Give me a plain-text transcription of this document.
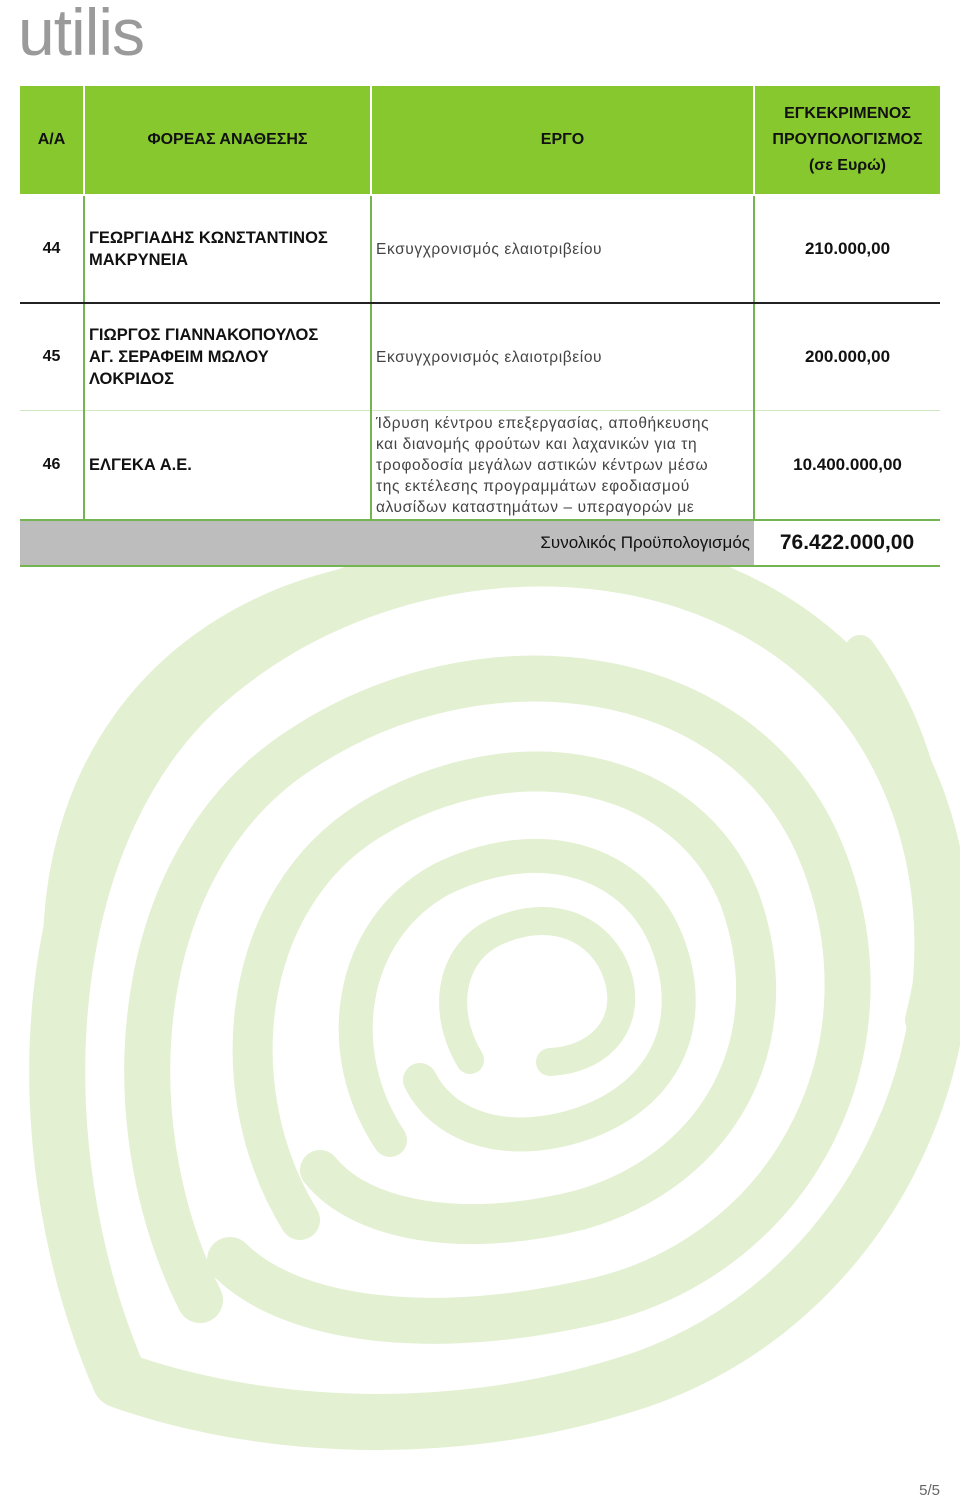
utilis
Α/Α	ΦΟΡΕΑΣ ΑΝΑΘΕΣΗΣ	ΕΡΓΟ	ΕΓΚΕΚΡΙΜΕΝΟΣ
ΠΡΟΥΠΟΛΟΓΙΣΜΟΣ
(σε Ευρώ)

44	ΓΕΩΡΓΙΑΔΗΣ ΚΩΝΣΤΑΝΤΙΝΟΣ
ΜΑΚΡΥΝΕΙΑ	Εκσυγχρονισμός ελαιοτριβείου	210.000,00
45	ΓΙΩΡΓΟΣ ΓΙΑΝΝΑΚΟΠΟΥΛΟΣ
ΑΓ. ΣΕΡΑΦΕΙΜ ΜΩΛΟΥ
ΛΟΚΡΙΔΟΣ	Εκσυγχρονισμός ελαιοτριβείου	200.000,00
46	ΕΛΓΕΚΑ Α.Ε.	Ίδρυση κέντρου επεξεργασίας, αποθήκευσης
και διανομής φρούτων και λαχανικών για τη
τροφοδοσία μεγάλων αστικών κέντρων μέσω
της εκτέλεσης προγραμμάτων εφοδιασμού
αλυσίδων καταστημάτων – υπεραγορών με	10.400.000,00
Συνολικός Προϋπολογισμός			76.422.000,00
5/5
